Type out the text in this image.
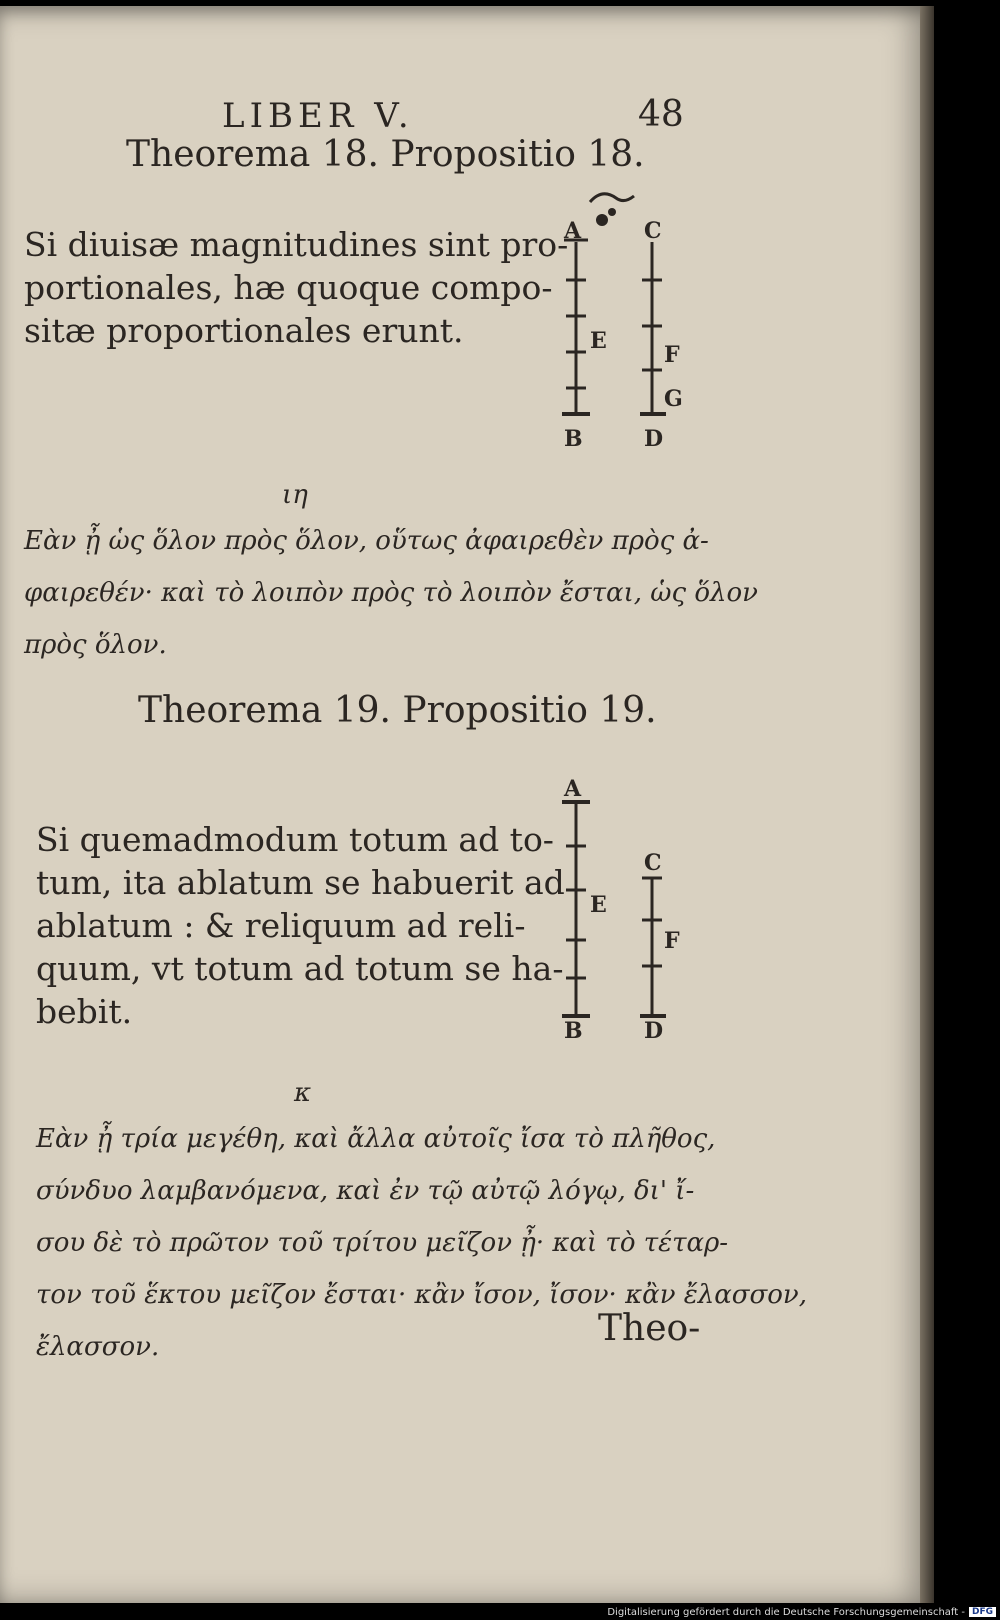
LIBER V.	48
Theorema 18. Propositio 18.
Si diuisæ magnitudines sint pro-
portionales, hæ quoque compo-
sitæ proportionales erunt.
A	C
E
F
G
B	D
ιη
Εὰν ᾖ ὡς ὅλον πρὸς ὅλον, οὕτως ἀφαιρεθὲν πρὸς ἀ-
φαιρεθέν· καὶ τὸ λοιπὸν πρὸς τὸ λοιπὸν ἔσται, ὡς ὅλον
πρὸς ὅλον.
Theorema 19. Propositio 19.
Si quemadmodum totum ad to-
tum, ita ablatum se habuerit ad
ablatum : & reliquum ad reli-
quum, vt totum ad totum se ha-
bebit.
A
C
E
F
B	D
κ
Εὰν ᾖ τρία μεγέθη, καὶ ἄλλα αὐτοῖς ἴσα τὸ πλῆθος,
σύνδυο λαμβανόμενα, καὶ ἐν τῷ αὐτῷ λόγῳ, δι' ἴ-
σου δὲ τὸ πρῶτον τοῦ τρίτου μεῖζον ᾖ· καὶ τὸ τέταρ-
τον τοῦ ἕκτου μεῖζον ἔσται· κἂν ἴσον, ἴσον· κἂν ἔλασσον,
ἔλασσον.	Theo-
Digitalisierung gefördert durch die Deutsche Forschungsgemeinschaft - DFG
